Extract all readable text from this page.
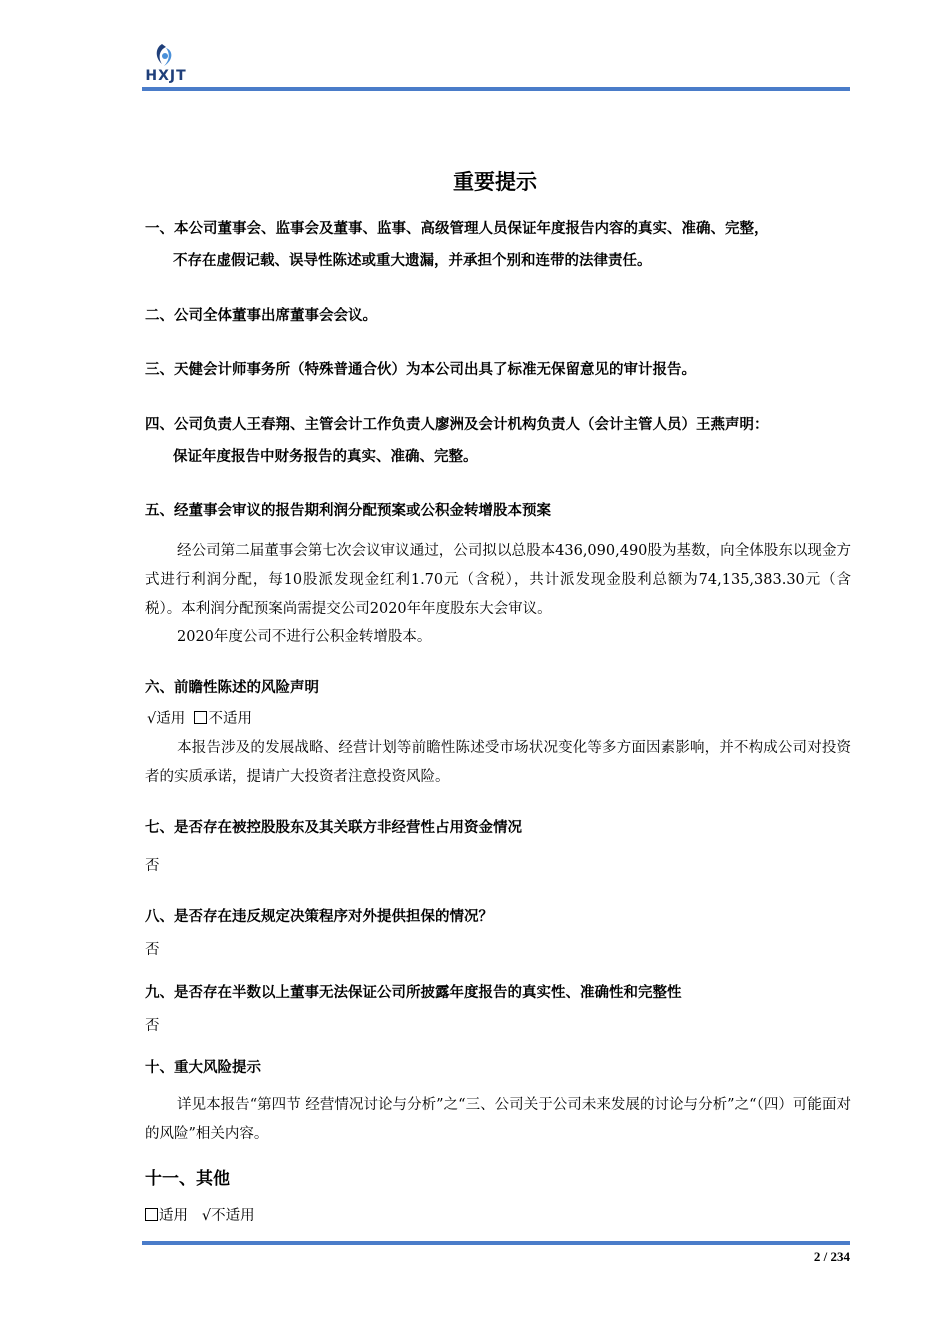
HXJT
重要提示
一、本公司董事会、监事会及董事、监事、高级管理人员保证年度报告内容的真实、准确、完整，
不存在虚假记载、误导性陈述或重大遗漏，并承担个别和连带的法律责任。
二、公司全体董事出席董事会会议。
三、天健会计师事务所（特殊普通合伙）为本公司出具了标准无保留意见的审计报告。
四、公司负责人王春翔、主管会计工作负责人廖洲及会计机构负责人（会计主管人员）王燕声明：
保证年度报告中财务报告的真实、准确、完整。
五、经董事会审议的报告期利润分配预案或公积金转增股本预案
经公司第二届董事会第七次会议审议通过，公司拟以总股本436,090,490股为基数，向全体股东以现金方式进行利润分配，每10股派发现金红利1.70元（含税），共计派发现金股利总额为74,135,383.30元（含税）。本利润分配预案尚需提交公司2020年年度股东大会审议。
2020年度公司不进行公积金转增股本。
六、前瞻性陈述的风险声明
√适用 不适用
本报告涉及的发展战略、经营计划等前瞻性陈述受市场状况变化等多方面因素影响，并不构成公司对投资者的实质承诺，提请广大投资者注意投资风险。
七、是否存在被控股股东及其关联方非经营性占用资金情况
否
八、是否存在违反规定决策程序对外提供担保的情况？
否
九、是否存在半数以上董事无法保证公司所披露年度报告的真实性、准确性和完整性
否
十、重大风险提示
详见本报告“第四节 经营情况讨论与分析”之“三、公司关于公司未来发展的讨论与分析”之“（四）可能面对的风险”相关内容。
十一、其他
适用 √不适用
2 / 234
